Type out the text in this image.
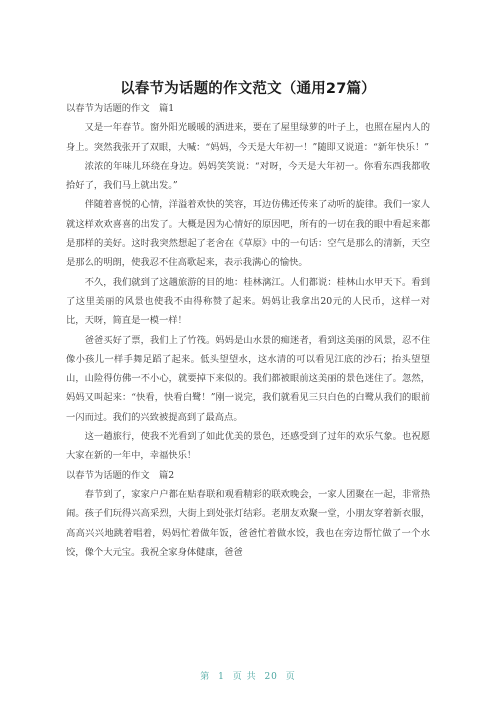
以春节为话题的作文范文（通用27篇）

以春节为话题的作文　篇1

又是一年春节。窗外阳光暖暖的洒进来，要在了屋里绿萝的叶子上，也照在屋内人的身上。突然我张开了双眼，大喊：“妈妈，今天是大年初一！”随即又说道：“新年快乐！”

浓浓的年味儿环绕在身边。妈妈笑笑说：“对呀，今天是大年初一。你看东西我都收拾好了，我们马上就出发。”

伴随着喜悦的心情，洋溢着欢快的笑容，耳边仿佛还传来了动听的旋律。我们一家人就这样欢欢喜喜的出发了。大概是因为心情好的原因吧，所有的一切在我的眼中看起来都是那样的美好。这时我突然想起了老舍在《草原》中的一句话：空气是那么的清新，天空是那么的明朗，使我忍不住高歌起来，表示我满心的愉快。

不久，我们就到了这趟旅游的目的地：桂林漓江。人们都说：桂林山水甲天下。看到了这里美丽的风景也使我不由得称赞了起来。妈妈让我拿出20元的人民币，这样一对比，天呀，简直是一模一样！

爸爸买好了票，我们上了竹筏。妈妈是山水景的痴迷者，看到这美丽的风景，忍不住像小孩儿一样手舞足蹈了起来。低头望望水，这水清的可以看见江底的沙石；抬头望望山，山险得仿佛一不小心，就要掉下来似的。我们都被眼前这美丽的景色迷住了。忽然，妈妈又叫起来：“快看，快看白鹭！”刚一说完，我们就看见三只白色的白鹭从我们的眼前一闪而过。我们的兴致被提高到了最高点。

这一趟旅行，使我不光看到了如此优美的景色，还感受到了过年的欢乐气象。也祝愿大家在新的一年中，幸福快乐！

以春节为话题的作文　篇2

春节到了，家家户户都在贴春联和观看精彩的联欢晚会，一家人团聚在一起，非常热闹。孩子们玩得兴高采烈，大街上到处张灯结彩。老朋友欢聚一堂，小朋友穿着新衣服，高高兴兴地跳着唱着，妈妈忙着做年饭，爸爸忙着做水饺，我也在旁边帮忙做了一个水饺，像个大元宝。我祝全家身体健康，爸爸

第 1 页 共 20 页
